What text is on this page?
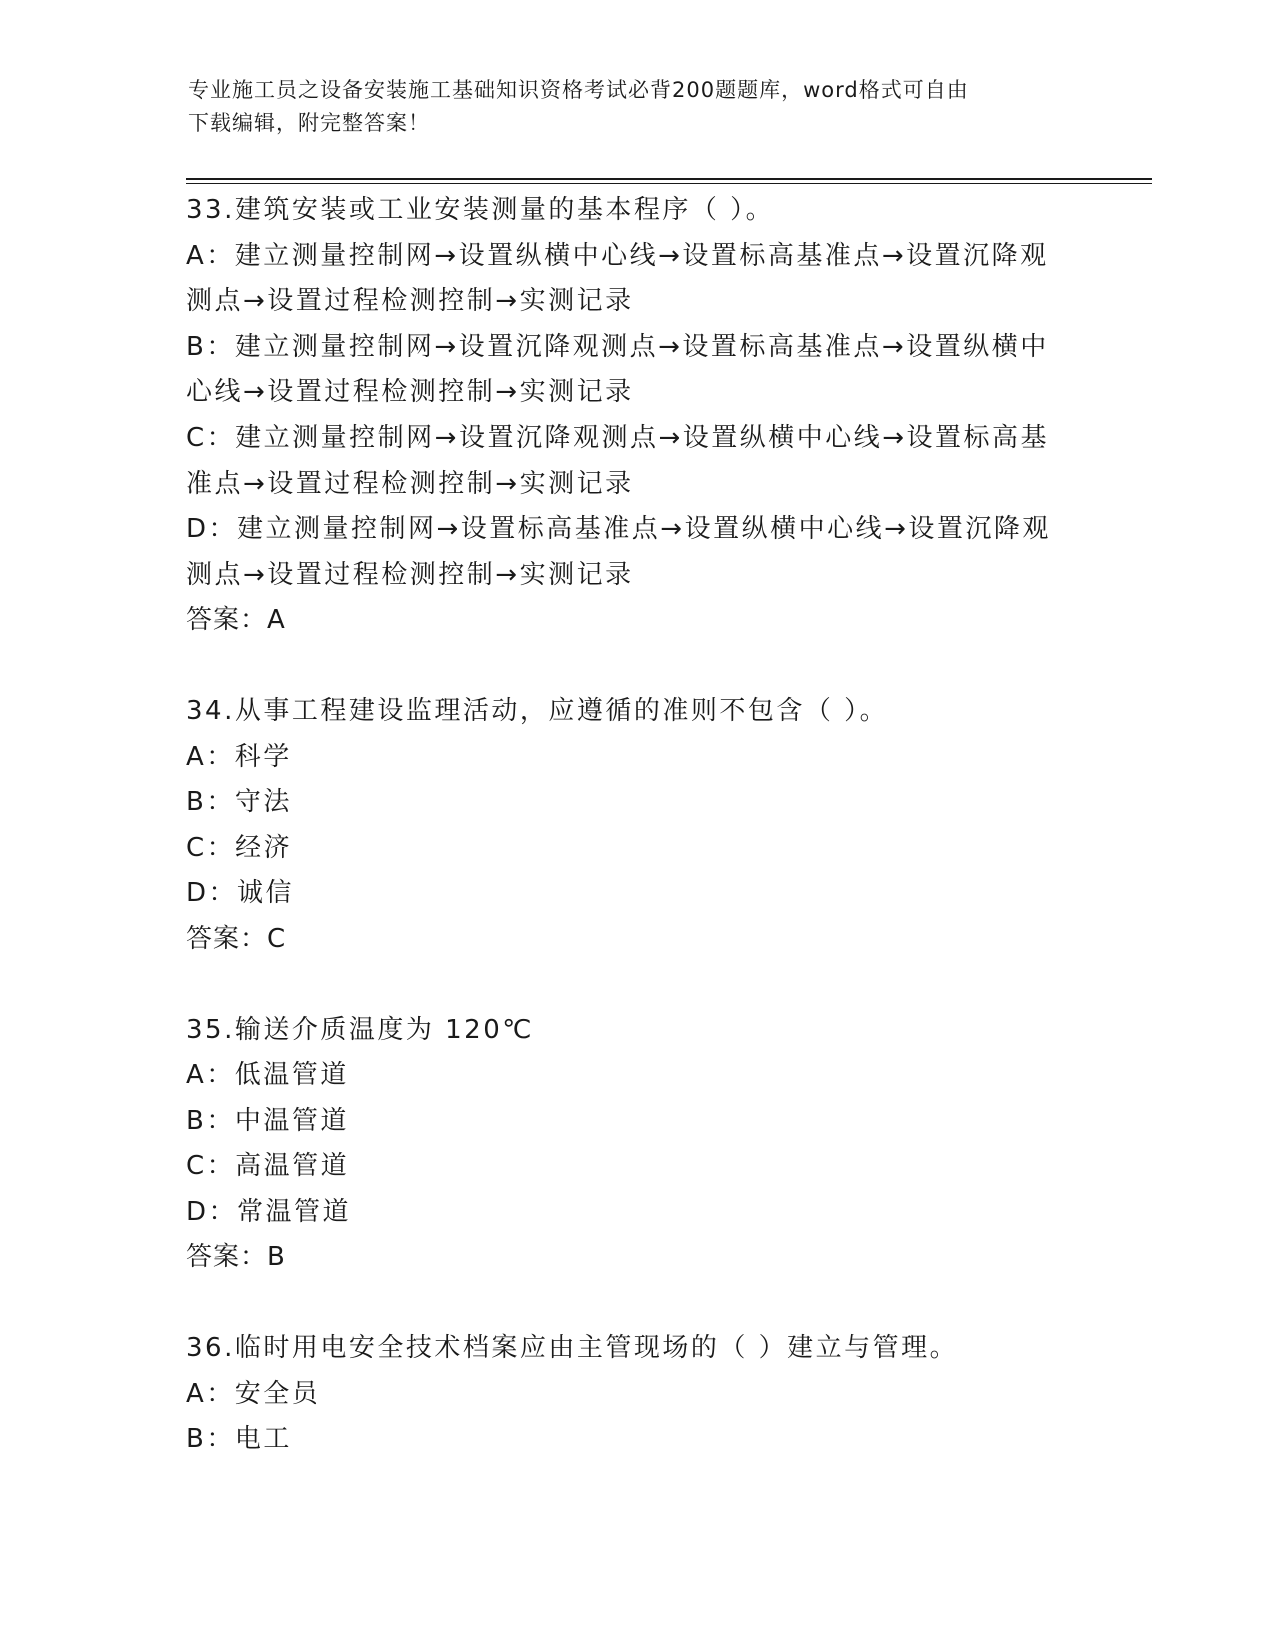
专业施工员之设备安装施工基础知识资格考试必背200题题库，word格式可自由
下载编辑，附完整答案！
33.建筑安装或工业安装测量的基本程序（ ）。
A：建立测量控制网→设置纵横中心线→设置标高基准点→设置沉降观
测点→设置过程检测控制→实测记录
B：建立测量控制网→设置沉降观测点→设置标高基准点→设置纵横中
心线→设置过程检测控制→实测记录
C：建立测量控制网→设置沉降观测点→设置纵横中心线→设置标高基
准点→设置过程检测控制→实测记录
D：建立测量控制网→设置标高基准点→设置纵横中心线→设置沉降观
测点→设置过程检测控制→实测记录
答案：A
34.从事工程建设监理活动，应遵循的准则不包含（ ）。
A：科学
B：守法
C：经济
D：诚信
答案：C
35.输送介质温度为 120℃
A：低温管道
B：中温管道
C：高温管道
D：常温管道
答案：B
36.临时用电安全技术档案应由主管现场的（ ）建立与管理。
A：安全员
B：电工
